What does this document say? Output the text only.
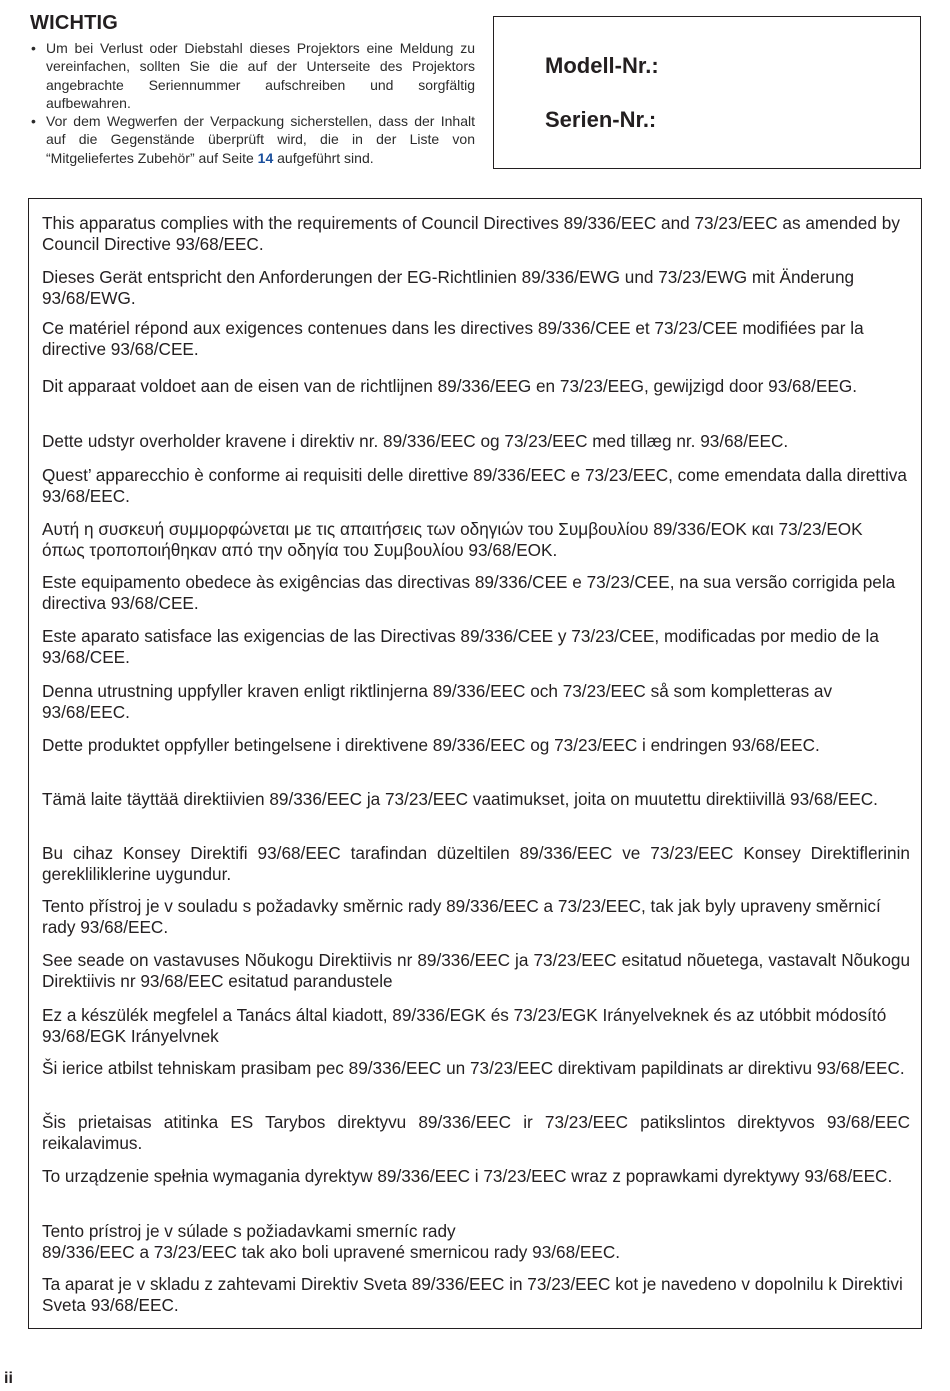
WICHTIG
• Um bei Verlust oder Diebstahl dieses Projektors eine Meldung zu vereinfachen, sollten Sie die auf der Unterseite des Projektors angebrachte Seriennummer aufschreiben und sorgfältig aufbewahren.
• Vor dem Wegwerfen der Verpackung sicherstellen, dass der Inhalt auf die Gegenstände überprüft wird, die in der Liste von “Mitgeliefertes Zubehör” auf Seite 14 aufgeführt sind.
Modell-Nr.:
Serien-Nr.:

This apparatus complies with the requirements of Council Directives 89/336/EEC and 73/23/EEC as amended by Council Directive 93/68/EEC.

Dieses Gerät entspricht den Anforderungen der EG-Richtlinien 89/336/EWG und 73/23/EWG mit Änderung 93/68/EWG.

Ce matériel répond aux exigences contenues dans les directives 89/336/CEE et 73/23/CEE modifiées par la directive 93/68/CEE.

Dit apparaat voldoet aan de eisen van de richtlijnen 89/336/EEG en 73/23/EEG, gewijzigd door 93/68/EEG.

Dette udstyr overholder kravene i direktiv nr. 89/336/EEC og 73/23/EEC med tillæg nr. 93/68/EEC.

Quest’ apparecchio è conforme ai requisiti delle direttive 89/336/EEC e 73/23/EEC, come emendata dalla direttiva 93/68/EEC.

Αυτή η συσκευή συμμορφώνεται με τις απαιτήσεις των οδηγιών του Συμβουλίου 89/336/ΕΟΚ και 73/23/ΕΟΚ όπως τροποποιήθηκαν από την οδηγία του Συμβουλίου 93/68/ΕΟΚ.

Este equipamento obedece às exigências das directivas 89/336/CEE e 73/23/CEE, na sua versão corrigida pela directiva 93/68/CEE.

Este aparato satisface las exigencias de las Directivas 89/336/CEE y 73/23/CEE, modificadas por medio de la 93/68/CEE.

Denna utrustning uppfyller kraven enligt riktlinjerna 89/336/EEC och 73/23/EEC så som kompletteras av 93/68/EEC.

Dette produktet oppfyller betingelsene i direktivene 89/336/EEC og 73/23/EEC i endringen 93/68/EEC.

Tämä laite täyttää direktiivien 89/336/EEC ja 73/23/EEC vaatimukset, joita on muutettu direktiivillä 93/68/EEC.

Bu cihaz Konsey Direktifi 93/68/EEC tarafindan düzeltilen 89/336/EEC ve 73/23/EEC Konsey Direktiflerinin gerekliliklerine uygundur.

Tento přístroj je v souladu s požadavky směrnic rady 89/336/EEC a 73/23/EEC, tak jak byly upraveny směrnicí rady 93/68/EEC.

See seade on vastavuses Nõukogu Direktiivis nr 89/336/EEC ja 73/23/EEC esitatud nõuetega, vastavalt Nõukogu Direktiivis nr 93/68/EEC esitatud parandustele

Ez a készülék megfelel a Tanács által kiadott, 89/336/EGK és 73/23/EGK Irányelveknek és az utóbbit módosító 93/68/EGK Irányelvnek

Ši ierice atbilst tehniskam prasibam pec 89/336/EEC un 73/23/EEC direktivam papildinats ar direktivu 93/68/EEC.

Šis prietaisas atitinka ES Tarybos direktyvu 89/336/EEC ir 73/23/EEC patikslintos direktyvos 93/68/EEC reikalavimus.

To urządzenie spełnia wymagania dyrektyw 89/336/EEC i 73/23/EEC wraz z poprawkami dyrektywy 93/68/EEC.

Tento prístroj je v súlade s požiadavkami smerníc rady

89/336/EEC a 73/23/EEC tak ako boli upravené smernicou rady 93/68/EEC.

Ta aparat je v skladu z zahtevami Direktiv Sveta 89/336/EEC in 73/23/EEC kot je navedeno v dopolnilu k Direktivi Sveta 93/68/EEC.

ii
